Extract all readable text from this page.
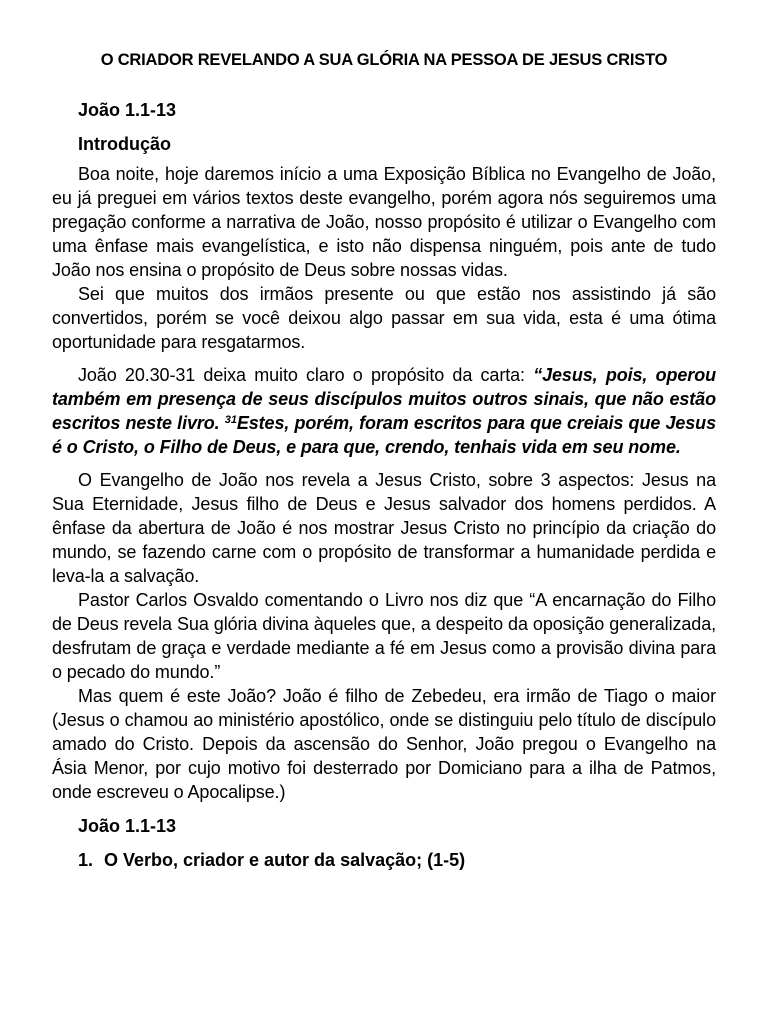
O CRIADOR REVELANDO A SUA GLÓRIA NA PESSOA DE JESUS CRISTO
João 1.1-13
Introdução

Boa noite, hoje daremos início a uma Exposição Bíblica no Evangelho de João, eu já preguei em vários textos deste evangelho, porém agora nós seguiremos uma pregação conforme a narrativa de João, nosso propósito é utilizar o Evangelho com uma ênfase mais evangelística, e isto não dispensa ninguém, pois ante de tudo João nos ensina o propósito de Deus sobre nossas vidas.

Sei que muitos dos irmãos presente ou que estão nos assistindo já são convertidos, porém se você deixou algo passar em sua vida, esta é uma ótima oportunidade para resgatarmos.

João 20.30-31 deixa muito claro o propósito da carta: “Jesus, pois, operou também em presença de seus discípulos muitos outros sinais, que não estão escritos neste livro. $^{31}$Estes, porém, foram escritos para que creiais que Jesus é o Cristo, o Filho de Deus, e para que, crendo, tenhais vida em seu nome.

O Evangelho de João nos revela a Jesus Cristo, sobre 3 aspectos: Jesus na Sua Eternidade, Jesus filho de Deus e Jesus salvador dos homens perdidos. A ênfase da abertura de João é nos mostrar Jesus Cristo no princípio da criação do mundo, se fazendo carne com o propósito de transformar a humanidade perdida e leva-la a salvação.

Pastor Carlos Osvaldo comentando o Livro nos diz que “A encarnação do Filho de Deus revela Sua glória divina àqueles que, a despeito da oposição generalizada, desfrutam de graça e verdade mediante a fé em Jesus como a provisão divina para o pecado do mundo.”

Mas quem é este João? João é filho de Zebedeu, era irmão de Tiago o maior (Jesus o chamou ao ministério apostólico, onde se distinguiu pelo título de discípulo amado do Cristo. Depois da ascensão do Senhor, João pregou o Evangelho na Ásia Menor, por cujo motivo foi desterrado por Domiciano para a ilha de Patmos, onde escreveu o Apocalipse.)

João 1.1-13
1. O Verbo, criador e autor da salvação; (1-5)
